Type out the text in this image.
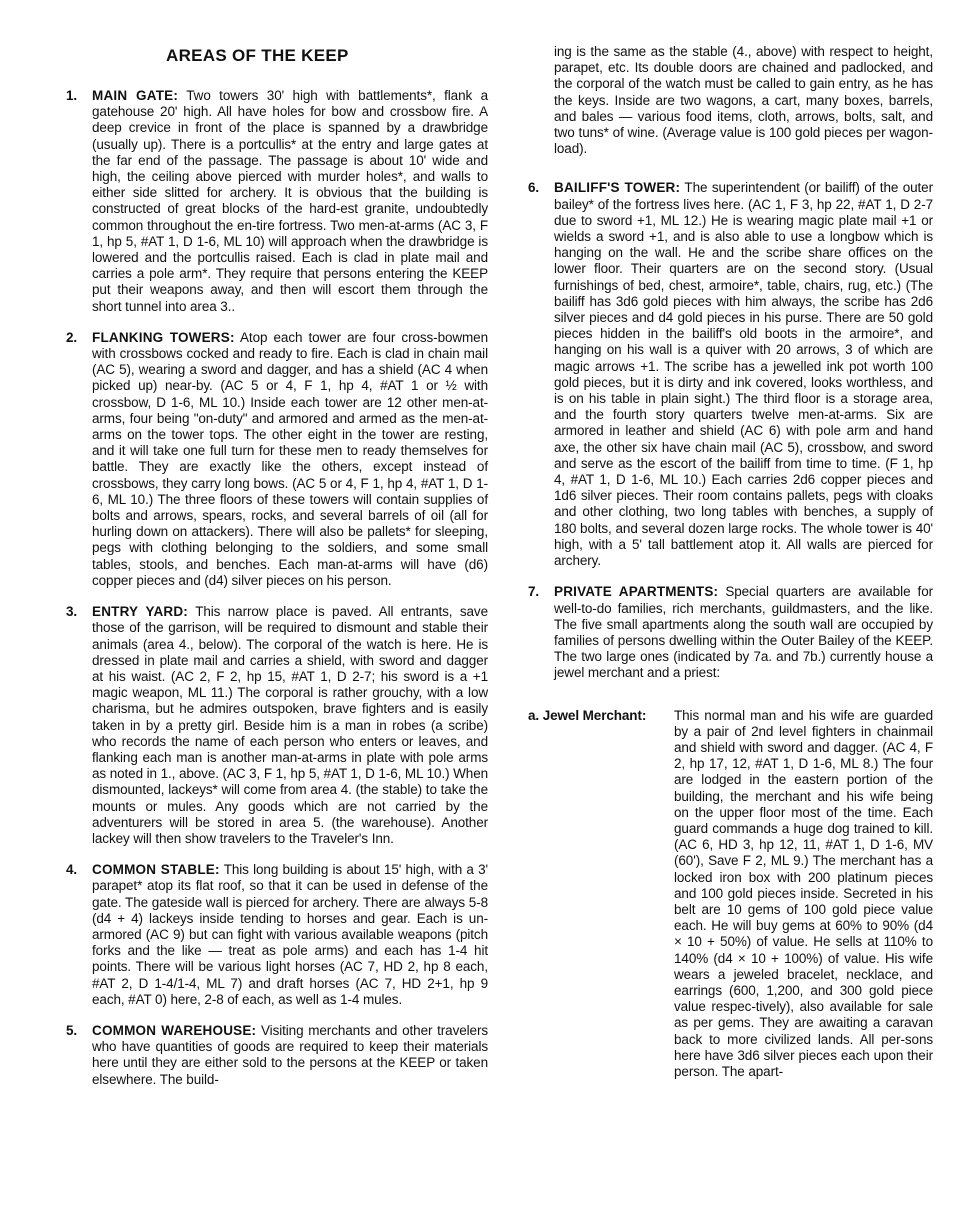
AREAS OF THE KEEP
1.	MAIN GATE: Two towers 30' high with battlements*, flank a gatehouse 20' high. All have holes for bow and crossbow fire. A deep crevice in front of the place is spanned by a drawbridge (usually up). There is a portcullis* at the entry and large gates at the far end of the passage. The passage is about 10' wide and high, the ceiling above pierced with murder holes*, and walls to either side slitted for archery. It is obvious that the building is constructed of great blocks of the hard-est granite, undoubtedly common throughout the en-tire fortress. Two men-at-arms (AC 3, F 1, hp 5, #AT 1, D 1-6, ML 10) will approach when the drawbridge is lowered and the portcullis raised. Each is clad in plate mail and carries a pole arm*. They require that persons entering the KEEP put their weapons away, and then will escort them through the short tunnel into area 3..

2.	FLANKING TOWERS: Atop each tower are four cross-bowmen with crossbows cocked and ready to fire. Each is clad in chain mail (AC 5), wearing a sword and dagger, and has a shield (AC 4 when picked up) near-by. (AC 5 or 4, F 1, hp 4, #AT 1 or ½ with crossbow, D 1-6, ML 10.) Inside each tower are 12 other men-at-arms, four being "on-duty" and armored and armed as the men-at-arms on the tower tops. The other eight in the tower are resting, and it will take one full turn for these men to ready themselves for battle. They are exactly like the others, except instead of crossbows, they carry long bows. (AC 5 or 4, F 1, hp 4, #AT 1, D 1-6, ML 10.) The three floors of these towers will contain supplies of bolts and arrows, spears, rocks, and several barrels of oil (all for hurling down on attackers). There will also be pallets* for sleeping, pegs with clothing belonging to the soldiers, and some small tables, stools, and benches. Each man-at-arms will have (d6) copper pieces and (d4) silver pieces on his person.

3.	ENTRY YARD: This narrow place is paved. All entrants, save those of the garrison, will be required to dismount and stable their animals (area 4., below). The corporal of the watch is here. He is dressed in plate mail and carries a shield, with sword and dagger at his waist. (AC 2, F 2, hp 15, #AT 1, D 2-7; his sword is a +1 magic weapon, ML 11.) The corporal is rather grouchy, with a low charisma, but he admires outspoken, brave fighters and is easily taken in by a pretty girl. Beside him is a man in robes (a scribe) who records the name of each person who enters or leaves, and flanking each man is another man-at-arms in plate with pole arms as noted in 1., above. (AC 3, F 1, hp 5, #AT 1, D 1-6, ML 10.) When dismounted, lackeys* will come from area 4. (the stable) to take the mounts or mules. Any goods which are not carried by the adventurers will be stored in area 5. (the warehouse). Another lackey will then show travelers to the Traveler's Inn.

4.	COMMON STABLE: This long building is about 15' high, with a 3' parapet* atop its flat roof, so that it can be used in defense of the gate. The gateside wall is pierced for archery. There are always 5-8 (d4 + 4) lackeys inside tending to horses and gear. Each is un-armored (AC 9) but can fight with various available weapons (pitch forks and the like — treat as pole arms) and each has 1-4 hit points. There will be various light horses (AC 7, HD 2, hp 8 each, #AT 2, D 1-4/1-4, ML 7) and draft horses (AC 7, HD 2+1, hp 9 each, #AT 0) here, 2-8 of each, as well as 1-4 mules.

5.	COMMON WAREHOUSE: Visiting merchants and other travelers who have quantities of goods are required to keep their materials here until they are either sold to the persons at the KEEP or taken elsewhere. The build-

ing is the same as the stable (4., above) with respect to height, parapet, etc. Its double doors are chained and padlocked, and the corporal of the watch must be called to gain entry, as he has the keys. Inside are two wagons, a cart, many boxes, barrels, and bales — various food items, cloth, arrows, bolts, salt, and two tuns* of wine. (Average value is 100 gold pieces per wagon-load).

6.	BAILIFF'S TOWER: The superintendent (or bailiff) of the outer bailey* of the fortress lives here. (AC 1, F 3, hp 22, #AT 1, D 2-7 due to sword +1, ML 12.) He is wearing magic plate mail +1 or wields a sword +1, and is also able to use a longbow which is hanging on the wall. He and the scribe share offices on the lower floor. Their quarters are on the second story. (Usual furnishings of bed, chest, armoire*, table, chairs, rug, etc.) (The bailiff has 3d6 gold pieces with him always, the scribe has 2d6 silver pieces and d4 gold pieces in his purse. There are 50 gold pieces hidden in the bailiff's old boots in the armoire*, and hanging on his wall is a quiver with 20 arrows, 3 of which are magic arrows +1. The scribe has a jewelled ink pot worth 100 gold pieces, but it is dirty and ink covered, looks worthless, and is on his table in plain sight.) The third floor is a storage area, and the fourth story quarters twelve men-at-arms. Six are armored in leather and shield (AC 6) with pole arm and hand axe, the other six have chain mail (AC 5), crossbow, and sword and serve as the escort of the bailiff from time to time. (F 1, hp 4, #AT 1, D 1-6, ML 10.) Each carries 2d6 copper pieces and 1d6 silver pieces. Their room contains pallets, pegs with cloaks and other clothing, two long tables with benches, a supply of 180 bolts, and several dozen large rocks. The whole tower is 40' high, with a 5' tall battlement atop it. All walls are pierced for archery.

7.	PRIVATE APARTMENTS: Special quarters are available for well-to-do families, rich merchants, guildmasters, and the like. The five small apartments along the south wall are occupied by families of persons dwelling within the Outer Bailey of the KEEP. The two large ones (indicated by 7a. and 7b.) currently house a jewel merchant and a priest:

a. Jewel Merchant:	This normal man and his wife are guarded by a pair of 2nd level fighters in chainmail and shield with sword and dagger. (AC 4, F 2, hp 17, 12, #AT 1, D 1-6, ML 8.) The four are lodged in the eastern portion of the building, the merchant and his wife being on the upper floor most of the time. Each guard commands a huge dog trained to kill. (AC 6, HD 3, hp 12, 11, #AT 1, D 1-6, MV (60'), Save F 2, ML 9.) The merchant has a locked iron box with 200 platinum pieces and 100 gold pieces inside. Secreted in his belt are 10 gems of 100 gold piece value each. He will buy gems at 60% to 90% (d4 × 10 + 50%) of value. He sells at 110% to 140% (d4 × 10 + 100%) of value. His wife wears a jeweled bracelet, necklace, and earrings (600, 1,200, and 300 gold piece value respec-tively), also available for sale as per gems. They are awaiting a caravan back to more civilized lands. All per-sons here have 3d6 silver pieces each upon their person. The apart-
